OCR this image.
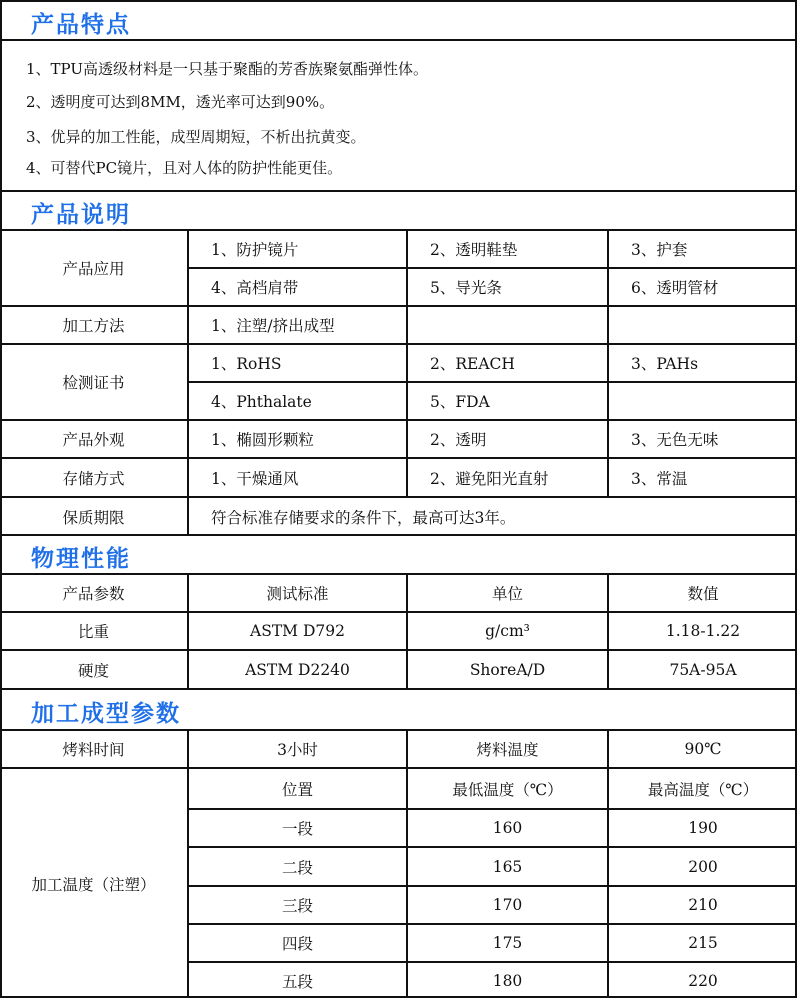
产品特点
1、TPU高透级材料是一只基于聚酯的芳香族聚氨酯弹性体。
2、透明度可达到8MM，透光率可达到90%。
3、优异的加工性能，成型周期短，不析出抗黄变。
4、可替代PC镜片，且对人体的防护性能更佳。
产品说明
产品应用
1、防护镜片	2、透明鞋垫	3、护套
4、高档肩带	5、导光条	6、透明管材
加工方法	1、注塑/挤出成型
检测证书
1、RoHS	2、REACH	3、PAHs
4、Phthalate	5、FDA
产品外观	1、椭圆形颗粒	2、透明	3、无色无味
存储方式	1、干燥通风	2、避免阳光直射	3、常温
保质期限	符合标准存储要求的条件下，最高可达3年。
物理性能
产品参数	测试标准	单位	数值
比重	ASTM D792	g/cm³	1.18-1.22
硬度	ASTM D2240	ShoreA/D	75A-95A
加工成型参数
烤料时间	3小时	烤料温度	90℃
加工温度（注塑）
位置	最低温度（℃）	最高温度（℃）
一段	160	190
二段	165	200
三段	170	210
四段	175	215
五段	180	220
